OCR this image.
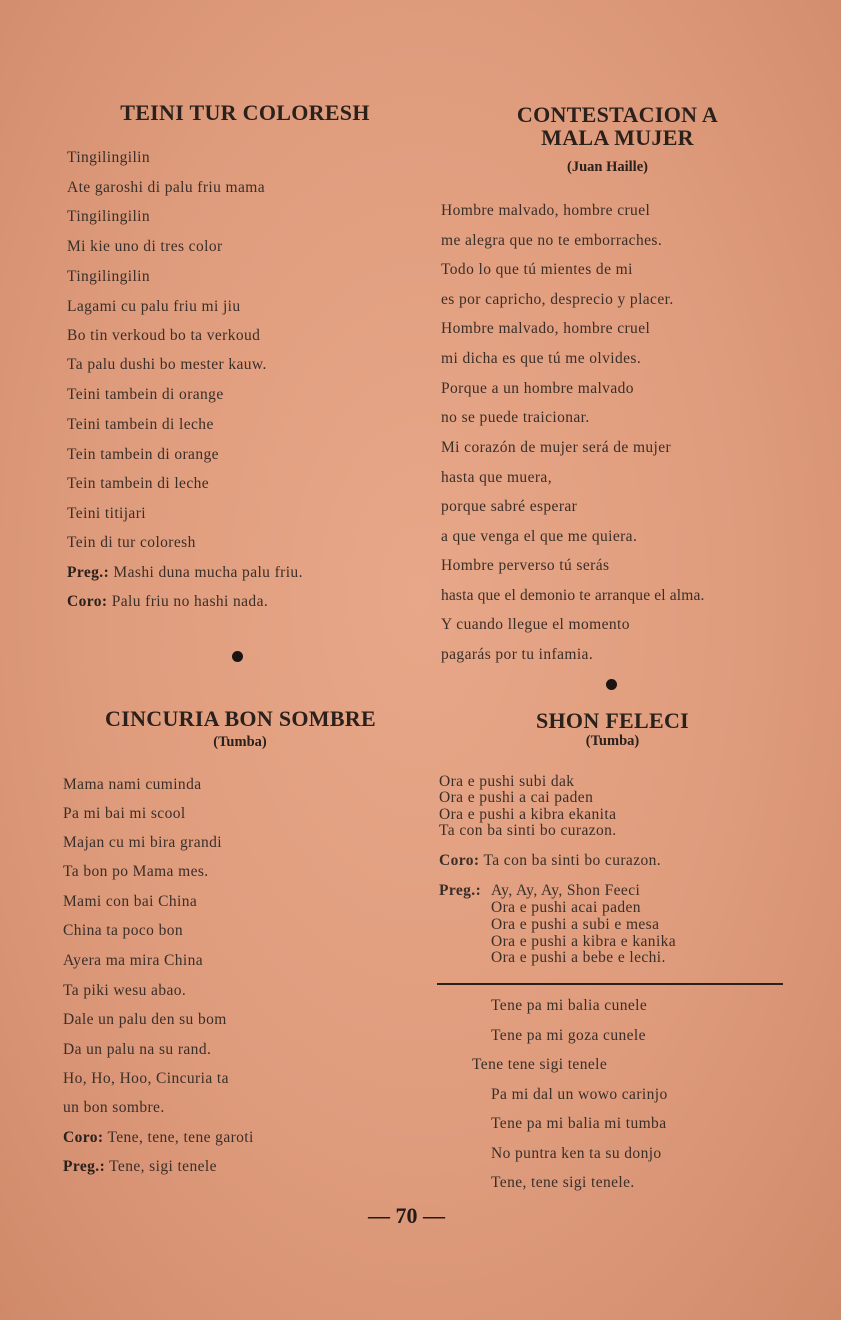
TEINI TUR COLORESH
Tingilingilin
Ate garoshi di palu friu mama
Tingilingilin
Mi kie uno di tres color
Tingilingilin
Lagami cu palu friu mi jiu
Bo tin verkoud bo ta verkoud
Ta palu dushi bo mester kauw.
Teini tambein di orange
Teini tambein di leche
Tein tambein di orange
Tein tambein di leche
Teini titijari
Tein di tur coloresh
Preg.: Mashi duna mucha palu friu.
Coro: Palu friu no hashi nada.
CONTESTACION A
MALA MUJER
(Juan Haille)
Hombre malvado, hombre cruel
me alegra que no te emborraches.
Todo lo que tú mientes de mi
es por capricho, desprecio y placer.
Hombre malvado, hombre cruel
mi dicha es que tú me olvides.
Porque a un hombre malvado
no se puede traicionar.
Mi corazón de mujer será de mujer
hasta que muera,
porque sabré esperar
a que venga el que me quiera.
Hombre perverso tú serás
hasta que el demonio te arranque el alma.
Y cuando llegue el momento
pagarás por tu infamia.
CINCURIA BON SOMBRE
(Tumba)
Mama nami cuminda
Pa mi bai mi scool
Majan cu mi bira grandi
Ta bon po Mama mes.
Mami con bai China
China ta poco bon
Ayera ma mira China
Ta piki wesu abao.
Dale un palu den su bom
Da un palu na su rand.
Ho, Ho, Hoo, Cincuria ta
un bon sombre.
Coro: Tene, tene, tene garoti
Preg.: Tene, sigi tenele
SHON FELECI
(Tumba)
Ora e pushi subi dak
Ora e pushi a cai paden
Ora e pushi a kibra ekanita
Ta con ba sinti bo curazon.
Coro: Ta con ba sinti bo curazon.
Preg.: Ay, Ay, Ay, Shon Feeci
Ora e pushi acai paden
Ora e pushi a subi e mesa
Ora e pushi a kibra e kanika
Ora e pushi a bebe e lechi.
Tene pa mi balia cunele
Tene pa mi goza cunele
Tene tene sigi tenele
Pa mi dal un wowo carinjo
Tene pa mi balia mi tumba
No puntra ken ta su donjo
Tene, tene sigi tenele.
— 70 —
